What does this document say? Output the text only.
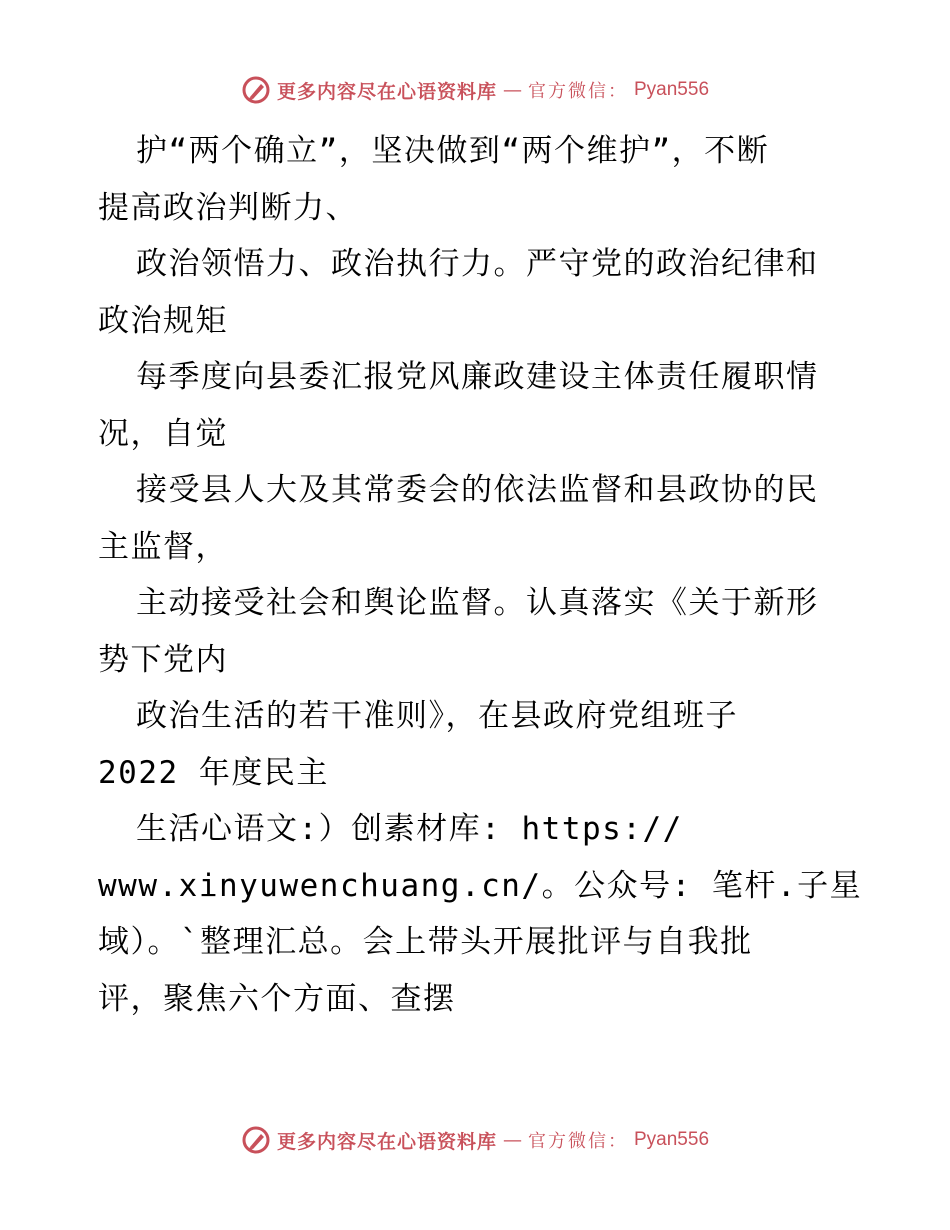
更多内容尽在心语资料库 — 官方微信： Pyan556
护“两个确立”，坚决做到“两个维护”，不断
提高政治判断力、
政治领悟力、政治执行力。严守党的政治纪律和
政治规矩
每季度向县委汇报党风廉政建设主体责任履职情
况，自觉
接受县人大及其常委会的依法监督和县政协的民
主监督，
主动接受社会和舆论监督。认真落实《关于新形
势下党内
政治生活的若干准则》，在县政府党组班子
2022 年度民主
生活心语文:）创素材库: https://
www.xinyuwenchuang.cn/。公众号: 笔杆.子星
域）。`整理汇总。会上带头开展批评与自我批
评，聚焦六个方面、查摆
更多内容尽在心语资料库 — 官方微信： Pyan556
